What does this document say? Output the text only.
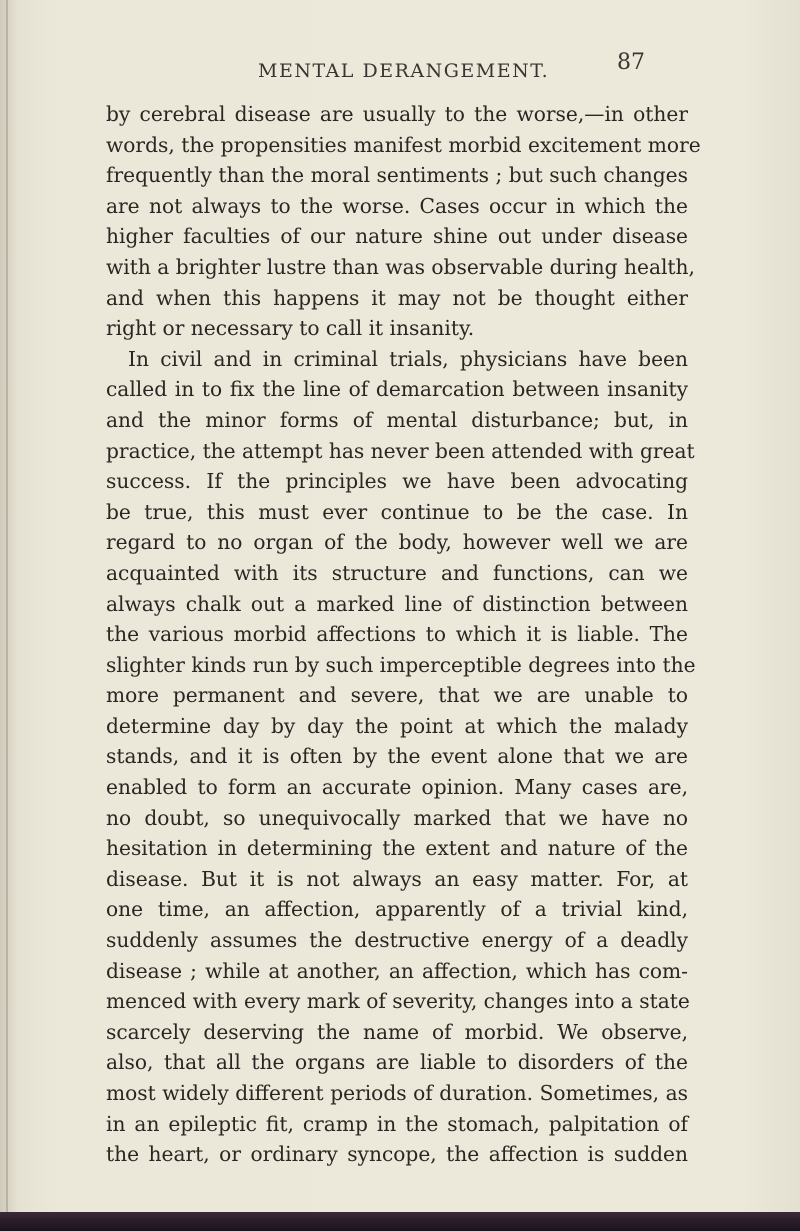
MENTAL DERANGEMENT.	87
by cerebral disease are usually to the worse,—in other
words, the propensities manifest morbid excitement more
frequently than the moral sentiments ; but such changes
are not always to the worse. Cases occur in which the
higher faculties of our nature shine out under disease
with a brighter lustre than was observable during health,
and when this happens it may not be thought either
right or necessary to call it insanity.
In civil and in criminal trials, physicians have been
called in to fix the line of demarcation between insanity
and the minor forms of mental disturbance; but, in
practice, the attempt has never been attended with great
success. If the principles we have been advocating
be true, this must ever continue to be the case. In
regard to no organ of the body, however well we are
acquainted with its structure and functions, can we
always chalk out a marked line of distinction between
the various morbid affections to which it is liable. The
slighter kinds run by such imperceptible degrees into the
more permanent and severe, that we are unable to
determine day by day the point at which the malady
stands, and it is often by the event alone that we are
enabled to form an accurate opinion. Many cases are,
no doubt, so unequivocally marked that we have no
hesitation in determining the extent and nature of the
disease. But it is not always an easy matter. For, at
one time, an affection, apparently of a trivial kind,
suddenly assumes the destructive energy of a deadly
disease ; while at another, an affection, which has com-
menced with every mark of severity, changes into a state
scarcely deserving the name of morbid. We observe,
also, that all the organs are liable to disorders of the
most widely different periods of duration. Sometimes, as
in an epileptic fit, cramp in the stomach, palpitation of
the heart, or ordinary syncope, the affection is sudden
